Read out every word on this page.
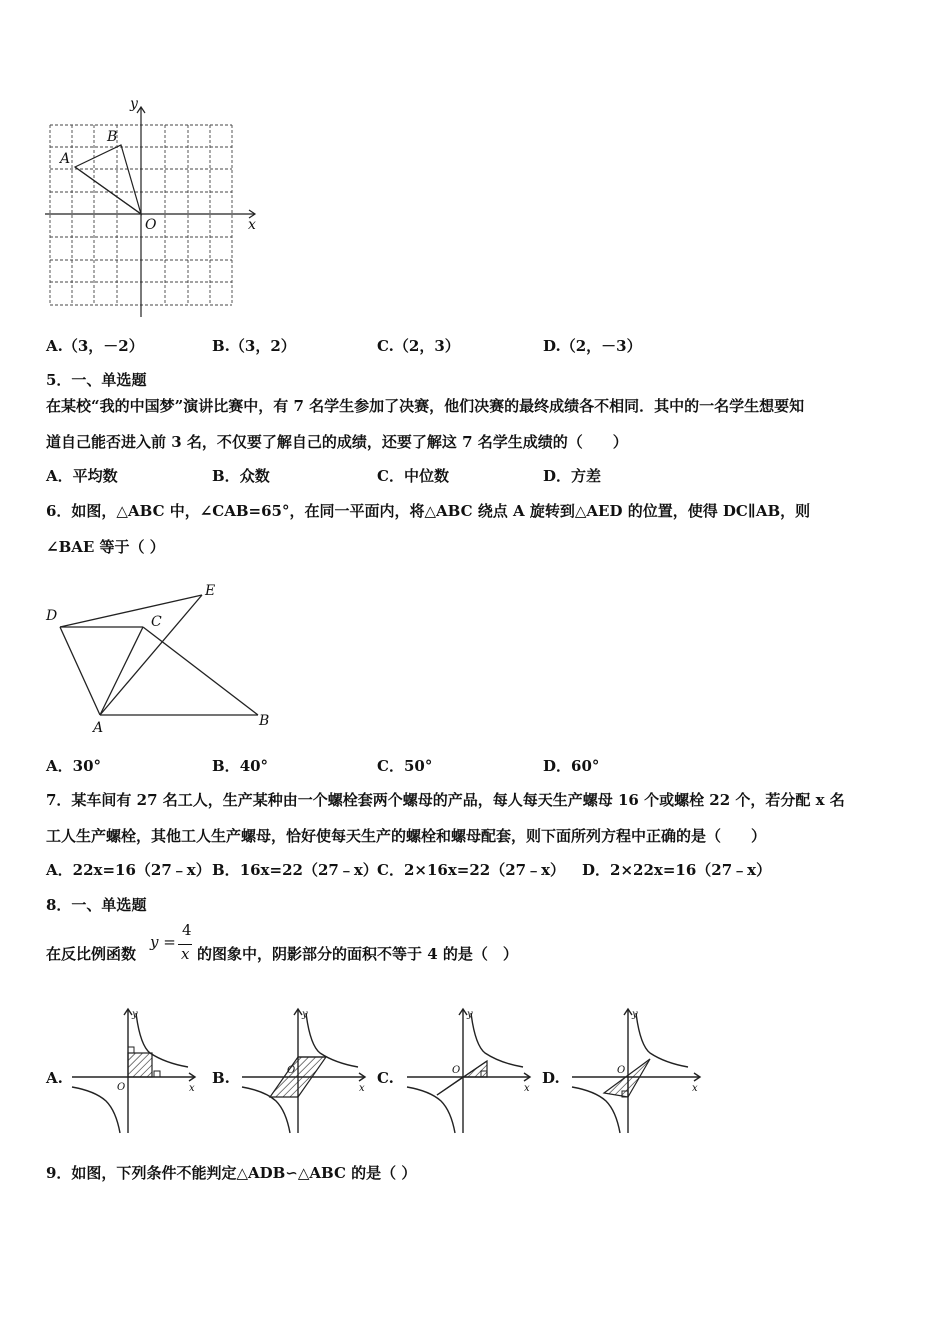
y
x
O
A
B
A.（3，－2）	B.（3，2）	C.（2，3）	D.（2，－3）
5．一、单选题
在某校“我的中国梦”演讲比赛中，有 7 名学生参加了决赛，他们决赛的最终成绩各不相同．其中的一名学生想要知
道自己能否进入前 3 名，不仅要了解自己的成绩，还要了解这 7 名学生成绩的（　　）
A．平均数	B．众数	C．中位数	D．方差
6．如图，△ABC 中，∠CAB=65°，在同一平面内，将△ABC 绕点 A 旋转到△AED 的位置，使得 DC∥AB，则
∠BAE 等于（ ）
D
E
C
A	B
A．30°	B．40°	C．50°	D．60°
7．某车间有 27 名工人，生产某种由一个螺栓套两个螺母的产品，每人每天生产螺母 16 个或螺栓 22 个，若分配 x 名
工人生产螺栓，其他工人生产螺母，恰好使每天生产的螺栓和螺母配套，则下面所列方程中正确的是（　　）
A．22x=16（27﹣x） B．16x=22（27﹣x） C．2×16x=22（27﹣x） D．2×22x=16（27﹣x）
8．一、单选题
在反比例函数
y =
4
x 的图象中，阴影部分的面积不等于 4 的是（　）
A.	B.	C.	D.
y
x
O
y
x
O
y
x
O
y
x
O
9．如图，下列条件不能判定△ADB∽△ABC 的是（ ）
